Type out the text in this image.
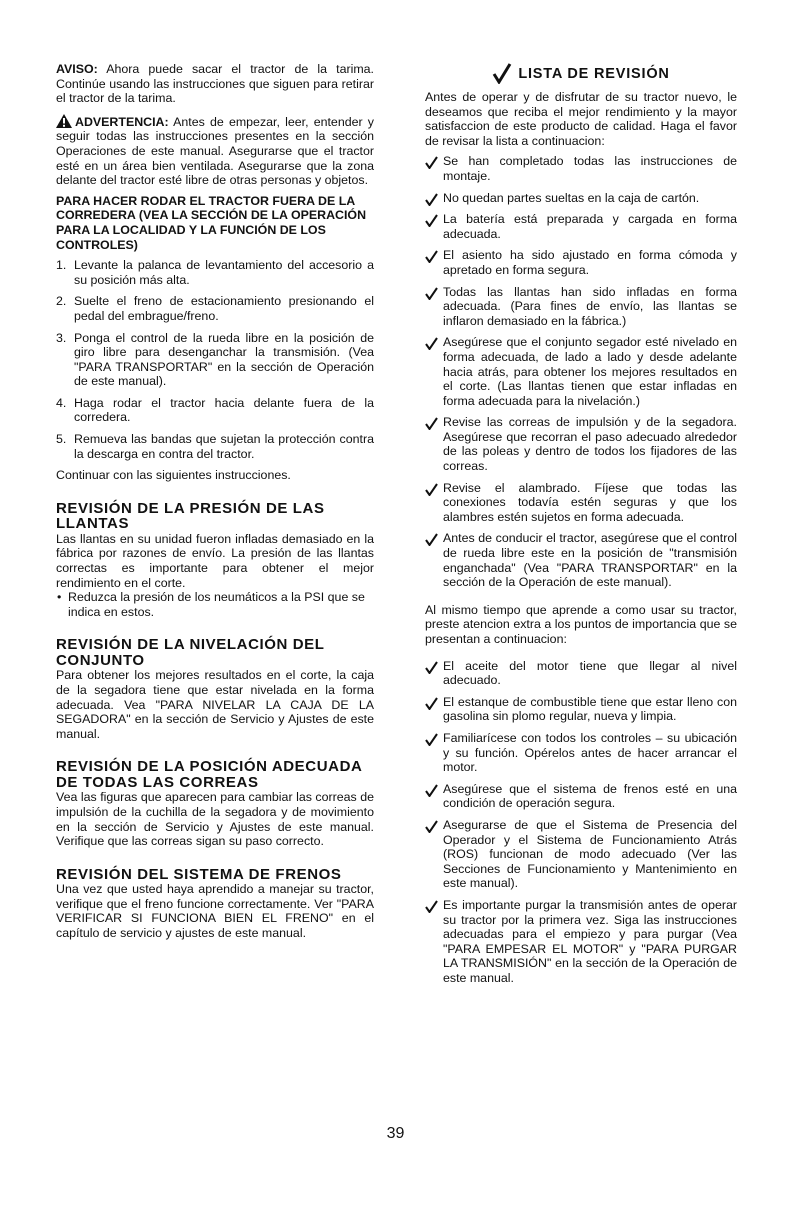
AVISO: Ahora puede sacar el tractor de la tarima. Continúe usando las instrucciones que siguen para retirar el tractor de la tarima.

ADVERTENCIA: Antes de empezar, leer, entender y seguir todas las instrucciones presentes en la sección Operaciones de este manual. Asegurarse que el tractor esté en un área bien ventilada. Asegurarse que la zona delante del tractor esté libre de otras personas y objetos.

PARA HACER RODAR EL TRACTOR FUERA DE LA CORREDERA (VEA LA SECCIÓN DE LA OPERACIÓN PARA LA LOCALIDAD Y LA FUNCIÓN DE LOS CONTROLES)

1. Levante la palanca de levantamiento del accesorio a su posición más alta.
2. Suelte el freno de estacionamiento presionando el pedal del embrague/freno.
3. Ponga el control de la rueda libre en la posición de giro libre para desenganchar la transmisión. (Vea "PARA TRANSPORTAR" en la sección de Operación de este manual).
4. Haga rodar el tractor hacia delante fuera de la corredera.
5. Remueva las bandas que sujetan la protección contra la descarga en contra del tractor.

Continuar con las siguientes instrucciones.

REVISIÓN DE LA PRESIÓN DE LAS LLANTAS

Las llantas en su unidad fueron infladas demasiado en la fábrica por razones de envío. La presión de las llantas correctas es importante para obtener el mejor rendimiento en el corte.

• Reduzca la presión de los neumáticos a la PSI que se indica en estos.
REVISIÓN DE LA NIVELACIÓN DEL CONJUNTO

Para obtener los mejores resultados en el corte, la caja de la segadora tiene que estar nivelada en la forma adecuada. Vea "PARA NIVELAR LA CAJA DE LA SEGADORA" en la sección de Servicio y Ajustes de este manual.

REVISIÓN DE LA POSICIÓN ADECUADA DE TODAS LAS CORREAS

Vea las figuras que aparecen para cambiar las correas de impulsión de la cuchilla de la segadora y de movimiento en la sección de Servicio y Ajustes de este manual. Verifique que las correas sigan su paso correcto.

REVISIÓN DEL SISTEMA DE FRENOS

Una vez que usted haya aprendido a manejar su tractor, verifique que el freno funcione correctamente. Ver "PARA VERIFICAR SI FUNCIONA BIEN EL FRENO" en el capítulo de servicio y ajustes de este manual.

LISTA DE REVISIÓN

Antes de operar y de disfrutar de su tractor nuevo, le deseamos que reciba el mejor rendimiento y la mayor satisfaccion de este producto de calidad. Haga el favor de revisar la lista a continuacion:

Se han completado todas las instrucciones de montaje.
No quedan partes sueltas en la caja de cartón.
La batería está preparada y cargada en forma adecuada.
El asiento ha sido ajustado en forma cómoda y apretado en forma segura.
Todas las llantas han sido infladas en forma adecuada. (Para fines de envío, las llantas se inflaron demasiado en la fábrica.)
Asegúrese que el conjunto segador esté nivelado en forma adecuada, de lado a lado y desde adelante hacia atrás, para obtener los mejores resultados en el corte. (Las llantas tienen que estar infladas en forma adecuada para la nivelación.)
Revise las correas de impulsión y de la segadora. Asegúrese que recorran el paso adecuado alrededor de las poleas y dentro de todos los fijadores de las correas.
Revise el alambrado. Fíjese que todas las conexiones todavía estén seguras y que los alambres estén sujetos en forma adecuada.
Antes de conducir el tractor, asegúrese que el control de rueda libre este en la posición de "transmisión enganchada" (Vea "PARA TRANSPORTAR" en la sección de la Operación de este manual).

Al mismo tiempo que aprende a como usar su tractor, preste atencion extra a los puntos de importancia que se presentan a continuacion:

El aceite del motor tiene que llegar al nivel adecuado.
El estanque de combustible tiene que estar lleno con gasolina sin plomo regular, nueva y limpia.
Familiarícese con todos los controles – su ubicación y su función. Opérelos antes de hacer arrancar el motor.
Asegúrese que el sistema de frenos esté en una condición de operación segura.
Asegurarse de que el Sistema de Presencia del Operador y el Sistema de Funcionamiento Atrás (ROS) funcionan de modo adecuado (Ver las Secciones de Funcionamiento y Mantenimiento en este manual).
Es importante purgar la transmisión antes de operar su tractor por la primera vez. Siga las instrucciones adecuadas para el empiezo y para purgar (Vea "PARA EMPESAR EL MOTOR" y "PARA PURGAR LA TRANSMISIÓN" en la sección de la Operación de este manual.
39
